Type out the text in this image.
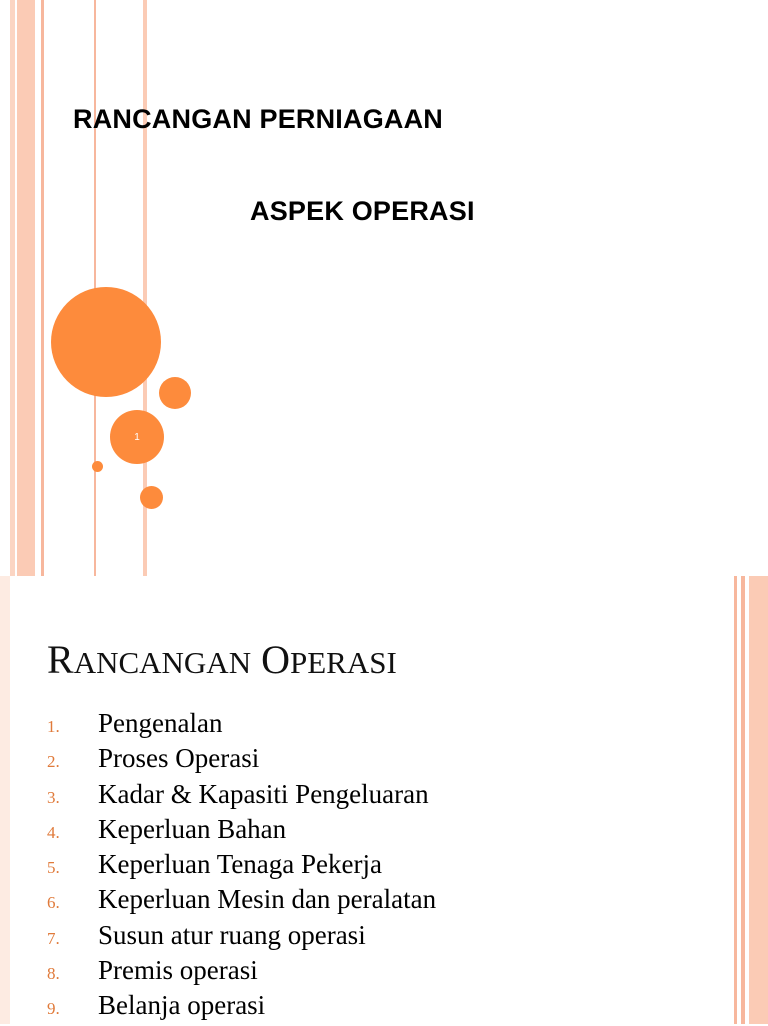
RANCANGAN PERNIAGAAN
ASPEK OPERASI
1
RANCANGAN OPERASI
1.	Pengenalan
2.	Proses Operasi
3.	Kadar & Kapasiti Pengeluaran
4.	Keperluan Bahan
5.	Keperluan Tenaga Pekerja
6.	Keperluan Mesin dan peralatan
7.	Susun atur ruang operasi
8.	Premis operasi
9.	Belanja operasi
